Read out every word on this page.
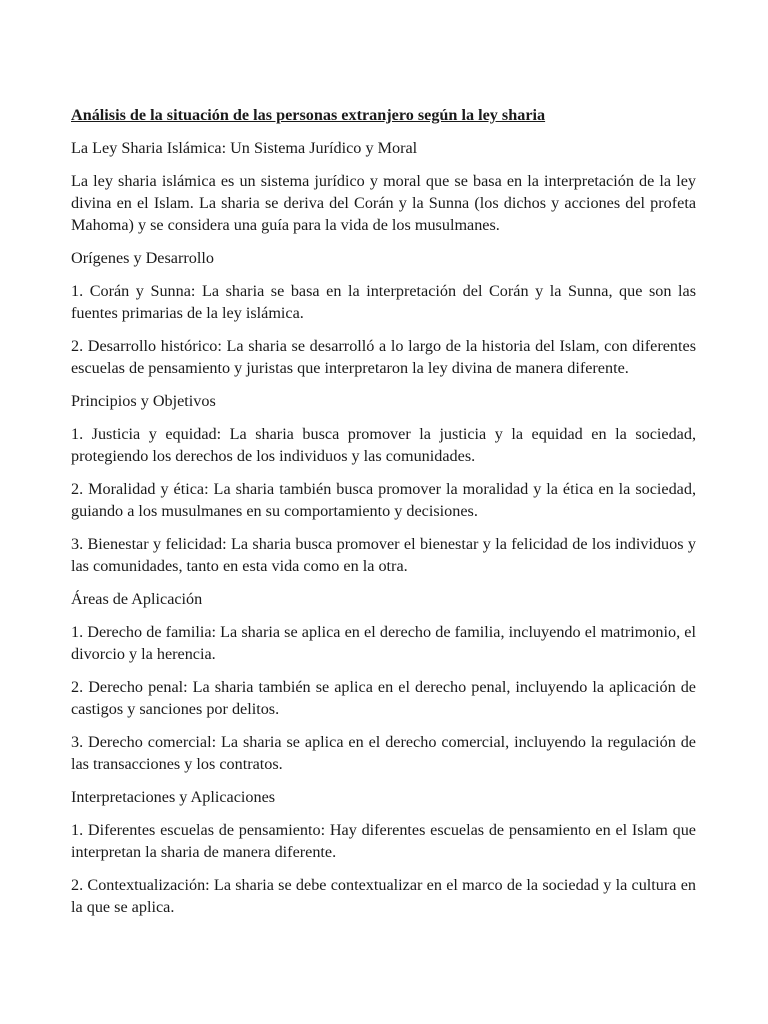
Análisis de la situación de las personas extranjero según la ley sharia
La Ley Sharia Islámica: Un Sistema Jurídico y Moral
La ley sharia islámica es un sistema jurídico y moral que se basa en la interpretación de la ley divina en el Islam. La sharia se deriva del Corán y la Sunna (los dichos y acciones del profeta Mahoma) y se considera una guía para la vida de los musulmanes.
Orígenes y Desarrollo
1. Corán y Sunna: La sharia se basa en la interpretación del Corán y la Sunna, que son las fuentes primarias de la ley islámica.
2. Desarrollo histórico: La sharia se desarrolló a lo largo de la historia del Islam, con diferentes escuelas de pensamiento y juristas que interpretaron la ley divina de manera diferente.
Principios y Objetivos
1. Justicia y equidad: La sharia busca promover la justicia y la equidad en la sociedad, protegiendo los derechos de los individuos y las comunidades.
2. Moralidad y ética: La sharia también busca promover la moralidad y la ética en la sociedad, guiando a los musulmanes en su comportamiento y decisiones.
3. Bienestar y felicidad: La sharia busca promover el bienestar y la felicidad de los individuos y las comunidades, tanto en esta vida como en la otra.
Áreas de Aplicación
1. Derecho de familia: La sharia se aplica en el derecho de familia, incluyendo el matrimonio, el divorcio y la herencia.
2. Derecho penal: La sharia también se aplica en el derecho penal, incluyendo la aplicación de castigos y sanciones por delitos.
3. Derecho comercial: La sharia se aplica en el derecho comercial, incluyendo la regulación de las transacciones y los contratos.
Interpretaciones y Aplicaciones
1. Diferentes escuelas de pensamiento: Hay diferentes escuelas de pensamiento en el Islam que interpretan la sharia de manera diferente.
2. Contextualización: La sharia se debe contextualizar en el marco de la sociedad y la cultura en la que se aplica.
